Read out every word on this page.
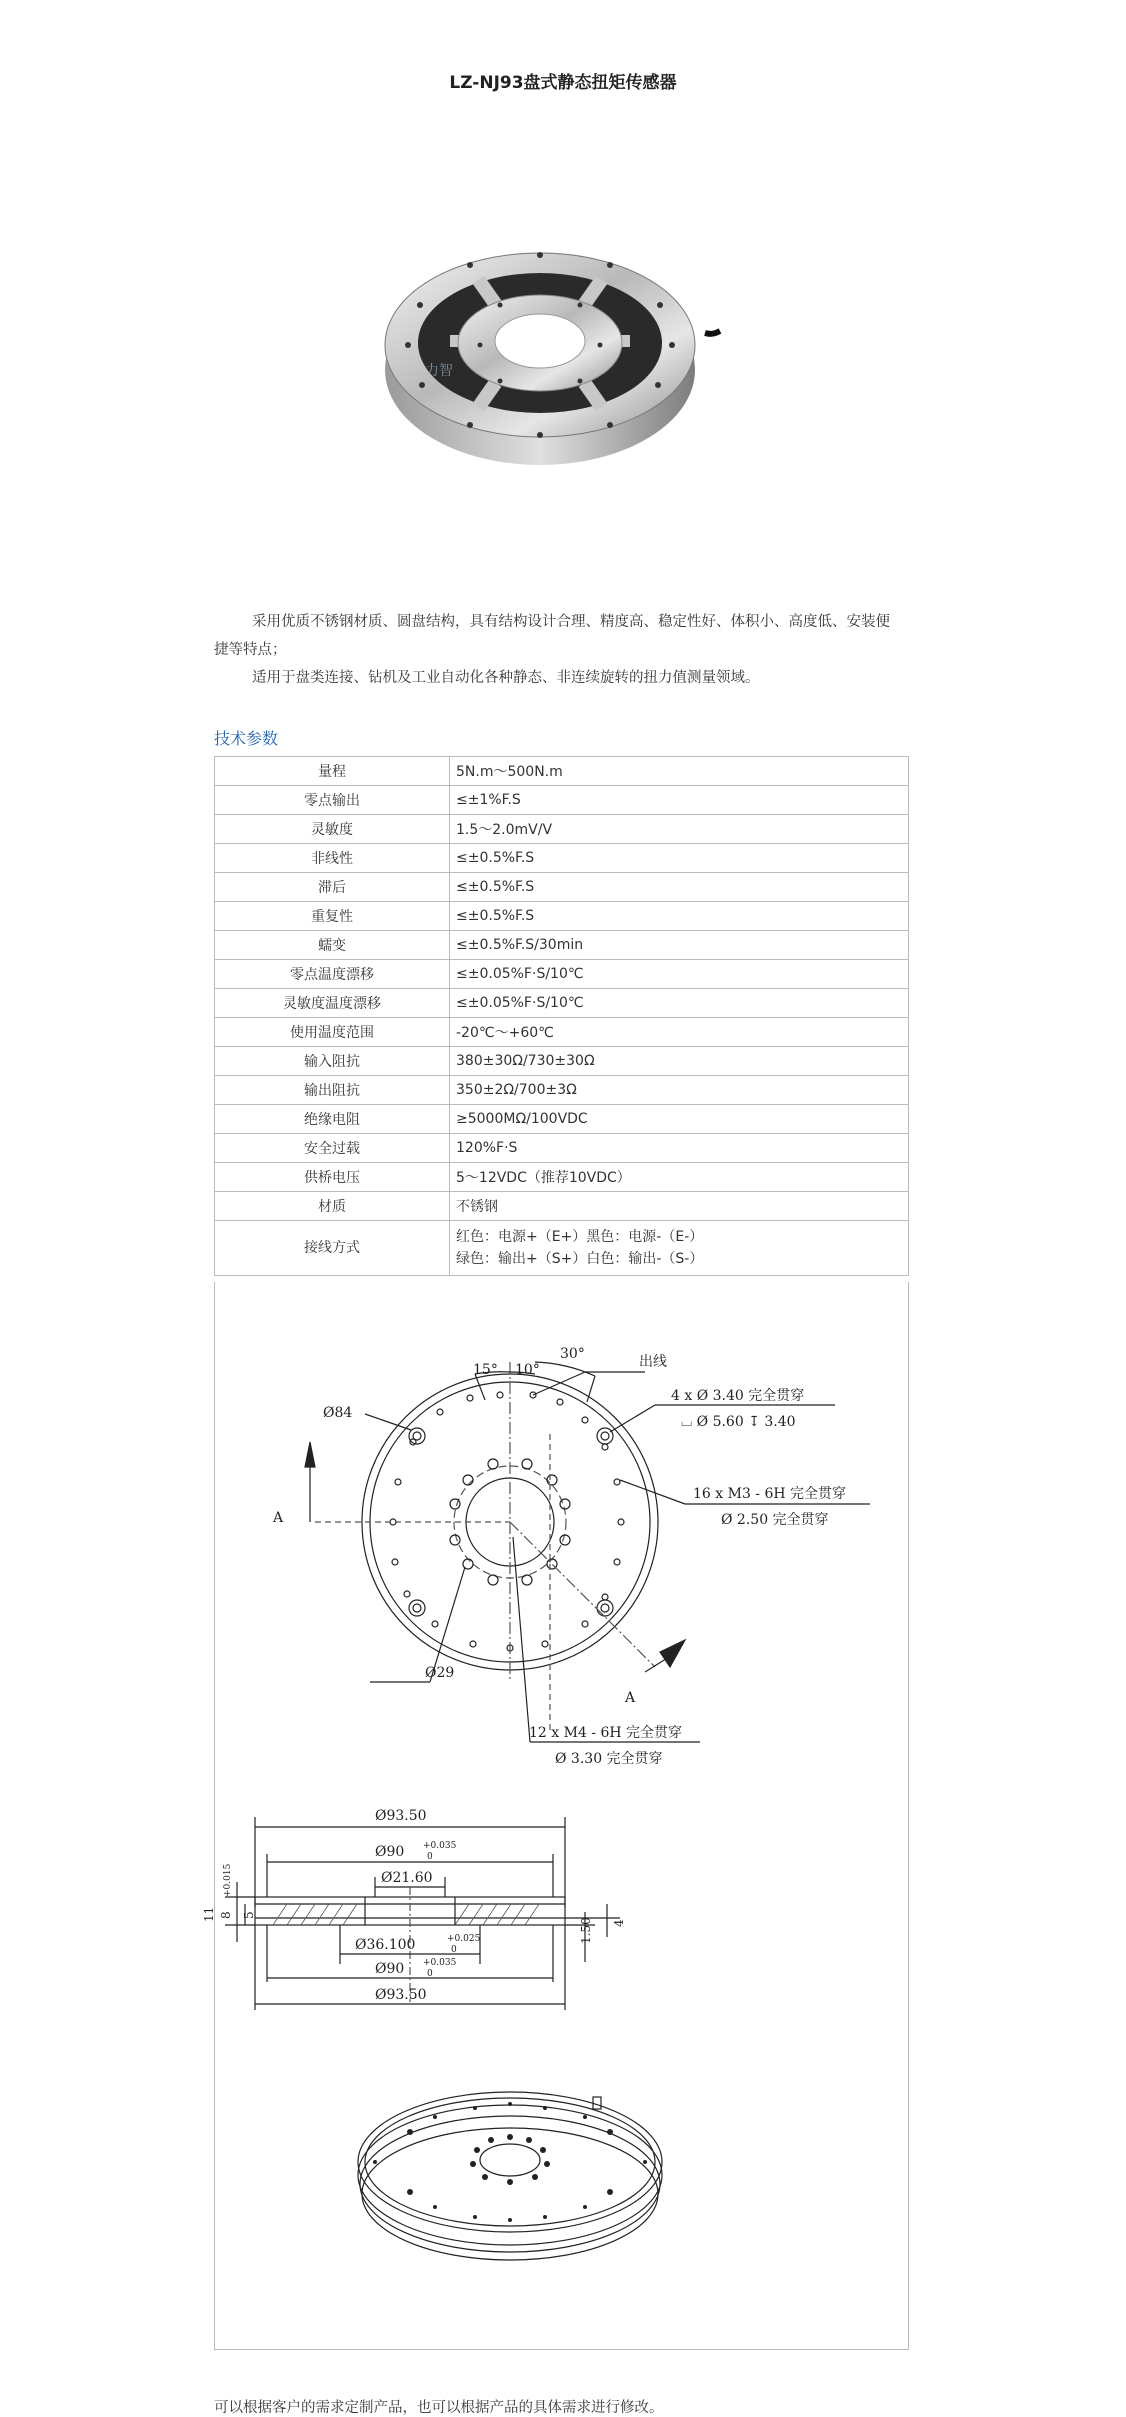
LZ-NJ93盘式静态扭矩传感器
力智

采用优质不锈钢材质、圆盘结构，具有结构设计合理、精度高、稳定性好、体积小、高度低、安装便捷等特点；

适用于盘类连接、钻机及工业自动化各种静态、非连续旋转的扭力值测量领域。

技术参数
量程	5N.m～500N.m
零点输出	≤±1%F.S
灵敏度	1.5～2.0mV/V
非线性	≤±0.5%F.S
滞后	≤±0.5%F.S
重复性	≤±0.5%F.S
蠕变	≤±0.5%F.S/30min
零点温度漂移	≤±0.05%F·S/10℃
灵敏度温度漂移	≤±0.05%F·S/10℃
使用温度范围	-20℃～+60℃
输入阻抗	380±30Ω/730±30Ω
输出阻抗	350±2Ω/700±3Ω
绝缘电阻	≥5000MΩ/100VDC
安全过载	120%F·S
供桥电压	5～12VDC（推荐10VDC）
材质	不锈钢
接线方式	红色：电源+（E+）黑色：电源-（E-）
绿色：输出+（S+）白色：输出-（S-）
30°
15° 10°	出线
Ø84
A
A
4 x Ø 3.40 完全贯穿
⌴ Ø 5.60 ↧ 3.40
16 x M3 - 6H 完全贯穿
Ø 2.50 完全贯穿
Ø29
12 x M4 - 6H 完全贯穿
Ø 3.30 完全贯穿
Ø93.50
Ø90 +0.035
0
Ø21.60
Ø36.100	+0.025
0
Ø90 +0.035
0
Ø93.50
11 8
+0.015
5
1.50 4
可以根据客户的需求定制产品，也可以根据产品的具体需求进行修改。
